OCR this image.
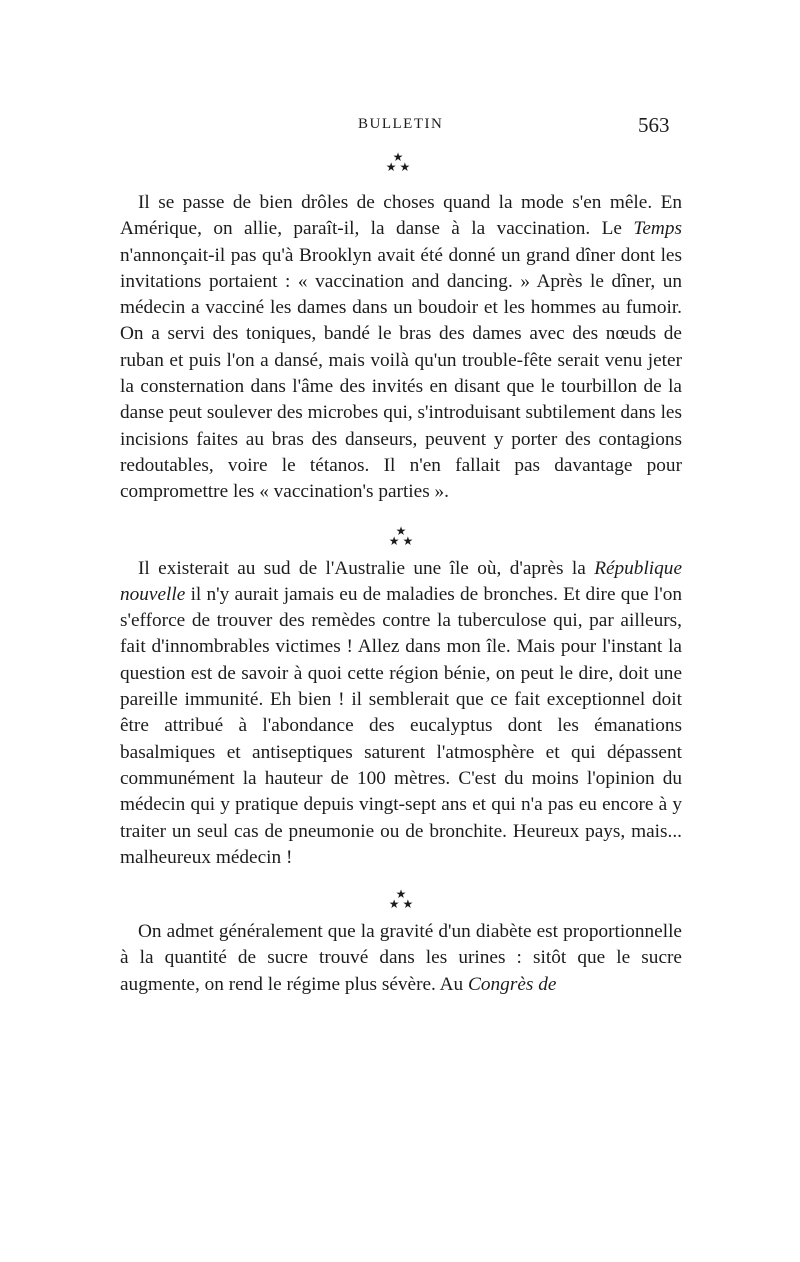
BULLETIN	563
★
★ ★

Il se passe de bien drôles de choses quand la mode s'en mêle. En Amérique, on allie, paraît-il, la danse à la vaccination. Le Temps n'annonçait-il pas qu'à Brooklyn avait été donné un grand dîner dont les invitations portaient : « vaccination and dancing. » Après le dîner, un médecin a vacciné les dames dans un boudoir et les hommes au fumoir. On a servi des toniques, bandé le bras des dames avec des nœuds de ruban et puis l'on a dansé, mais voilà qu'un trouble-fête serait venu jeter la consternation dans l'âme des invités en disant que le tourbillon de la danse peut soulever des microbes qui, s'introduisant subtilement dans les incisions faites au bras des danseurs, peuvent y porter des contagions redoutables, voire le tétanos. Il n'en fallait pas davantage pour compromettre les « vaccination's parties ».

★
★ ★

Il existerait au sud de l'Australie une île où, d'après la République nouvelle il n'y aurait jamais eu de maladies de bronches. Et dire que l'on s'efforce de trouver des remèdes contre la tuberculose qui, par ailleurs, fait d'innombrables victimes ! Allez dans mon île. Mais pour l'instant la question est de savoir à quoi cette région bénie, on peut le dire, doit une pareille immunité. Eh bien ! il semblerait que ce fait exceptionnel doit être attribué à l'abondance des eucalyptus dont les émanations basalmiques et antiseptiques saturent l'atmosphère et qui dépassent communément la hauteur de 100 mètres. C'est du moins l'opinion du médecin qui y pratique depuis vingt-sept ans et qui n'a pas eu encore à y traiter un seul cas de pneumonie ou de bronchite. Heureux pays, mais... malheureux médecin !

★
★ ★

On admet généralement que la gravité d'un diabète est proportionnelle à la quantité de sucre trouvé dans les urines : sitôt que le sucre augmente, on rend le régime plus sévère. Au Congrès de
